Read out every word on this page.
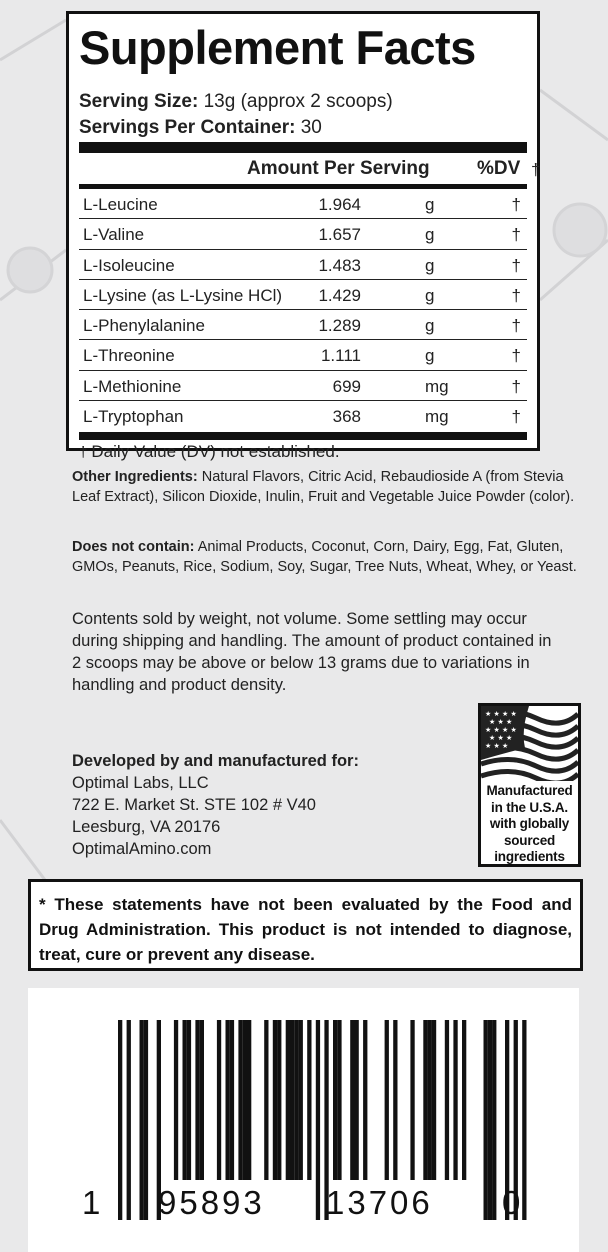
Supplement Facts
Serving Size: 13g (approx 2 scoops)
Servings Per Container: 30
Amount Per Serving %DV †
L-Leucine	1.964	g	†
L-Valine	1.657	g	†
L-Isoleucine	1.483	g	†
L-Lysine (as L-Lysine HCl) 1.429	g	†
L-Phenylalanine	1.289	g	†
L-Threonine	1.111	g	†
L-Methionine	699	mg	†
L-Tryptophan	368	mg	†
† Daily Value (DV) not established.
Other Ingredients: Natural Flavors, Citric Acid, Rebaudioside A (from Stevia Leaf Extract), Silicon Dioxide, Inulin, Fruit and Vegetable Juice Powder (color).
Does not contain: Animal Products, Coconut, Corn, Dairy, Egg, Fat, Gluten, GMOs, Peanuts, Rice, Sodium, Soy, Sugar, Tree Nuts, Wheat, Whey, or Yeast.
Contents sold by weight, not volume. Some settling may occur during shipping and handling. The amount of product contained in 2 scoops may be above or below 13 grams due to variations in handling and product density.
Developed by and manufactured for:
Optimal Labs, LLC
722 E. Market St. STE 102 # V40
Leesburg, VA 20176
OptimalAmino.com
★ ★ ★ ★
★ ★ ★
★ ★ ★ ★
★ ★ ★
★ ★ ★
Manufactured
in the U.S.A.
with globally
sourced
ingredients
* These statements have not been evaluated by the Food and Drug Administration. This product is not intended to diagnose, treat, cure or prevent any disease.
1 95893 13706 0
